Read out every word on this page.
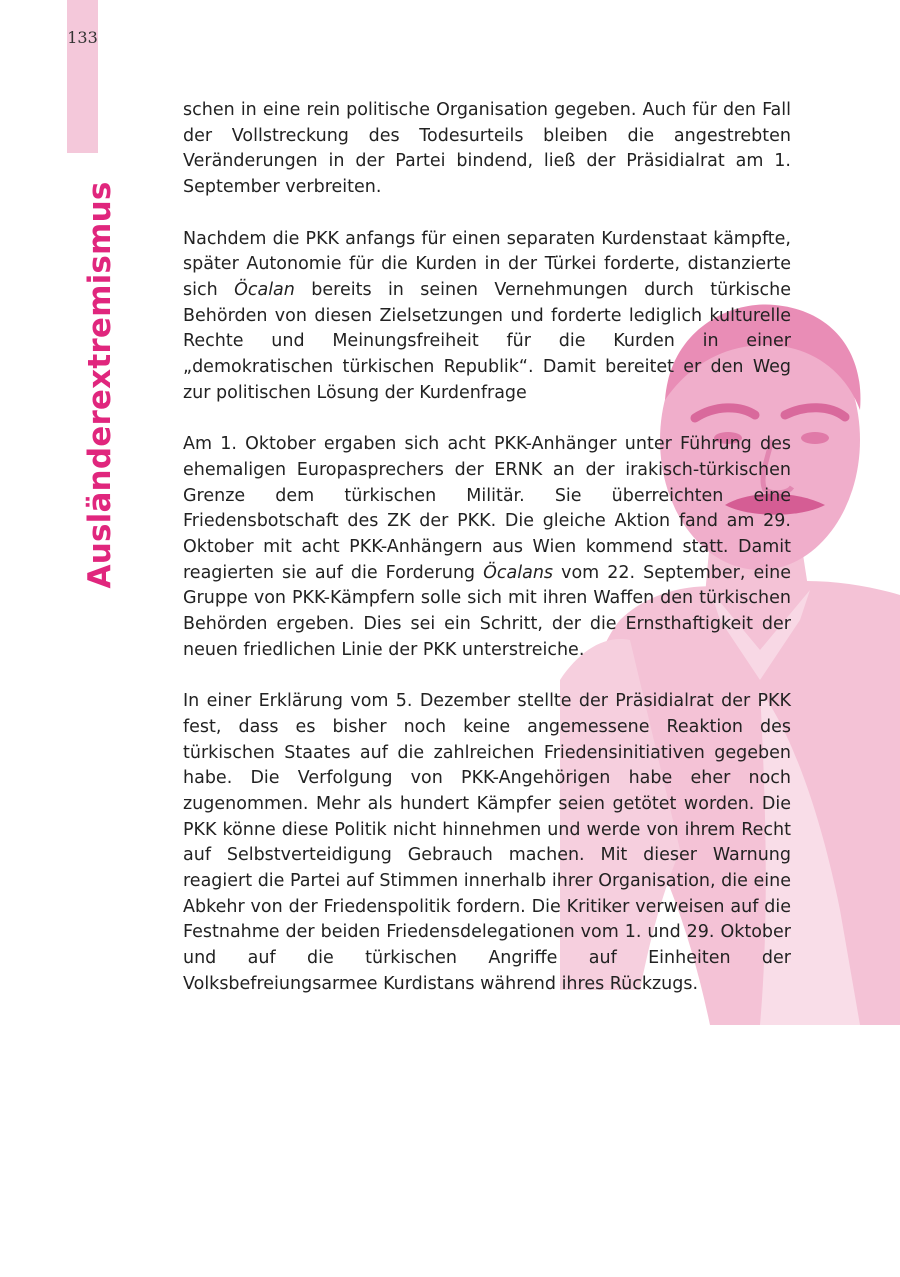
133
Ausländerextremismus

schen in eine rein politische Organisation gegeben. Auch für den Fall der Vollstreckung des Todesurteils bleiben die angestrebten Veränderungen in der Partei bindend, ließ der Präsidialrat am 1. September verbreiten.

Nachdem die PKK anfangs für einen separaten Kurdenstaat kämpfte, später Autonomie für die Kurden in der Türkei forderte, distanzierte sich Öcalan bereits in seinen Vernehmungen durch türkische Behörden von diesen Zielsetzungen und forderte lediglich kulturelle Rechte und Meinungsfreiheit für die Kurden in einer „demokratischen türkischen Republik“. Damit bereitet er den Weg zur politischen Lösung der Kurdenfrage

Am 1. Oktober ergaben sich acht PKK-Anhänger unter Führung des ehemaligen Europasprechers der ERNK an der irakisch-türkischen Grenze dem türkischen Militär. Sie überreichten eine Friedensbotschaft des ZK der PKK. Die gleiche Aktion fand am 29. Oktober mit acht PKK-Anhängern aus Wien kommend statt. Damit reagierten sie auf die Forderung Öcalans vom 22. September, eine Gruppe von PKK-Kämpfern solle sich mit ihren Waffen den türkischen Behörden ergeben. Dies sei ein Schritt, der die Ernsthaftigkeit der neuen friedlichen Linie der PKK unterstreiche.

In einer Erklärung vom 5. Dezember stellte der Präsidialrat der PKK fest, dass es bisher noch keine angemessene Reaktion des türkischen Staates auf die zahlreichen Friedensinitiativen gegeben habe. Die Verfolgung von PKK-Angehörigen habe eher noch zugenommen. Mehr als hundert Kämpfer seien getötet worden. Die PKK könne diese Politik nicht hinnehmen und werde von ihrem Recht auf Selbstverteidigung Gebrauch machen. Mit dieser Warnung reagiert die Partei auf Stimmen innerhalb ihrer Organisation, die eine Abkehr von der Friedenspolitik fordern. Die Kritiker verweisen auf die Festnahme der beiden Friedensdelegationen vom 1. und 29. Oktober und auf die türkischen Angriffe auf Einheiten der Volksbefreiungsarmee Kurdistans während ihres Rückzugs.
